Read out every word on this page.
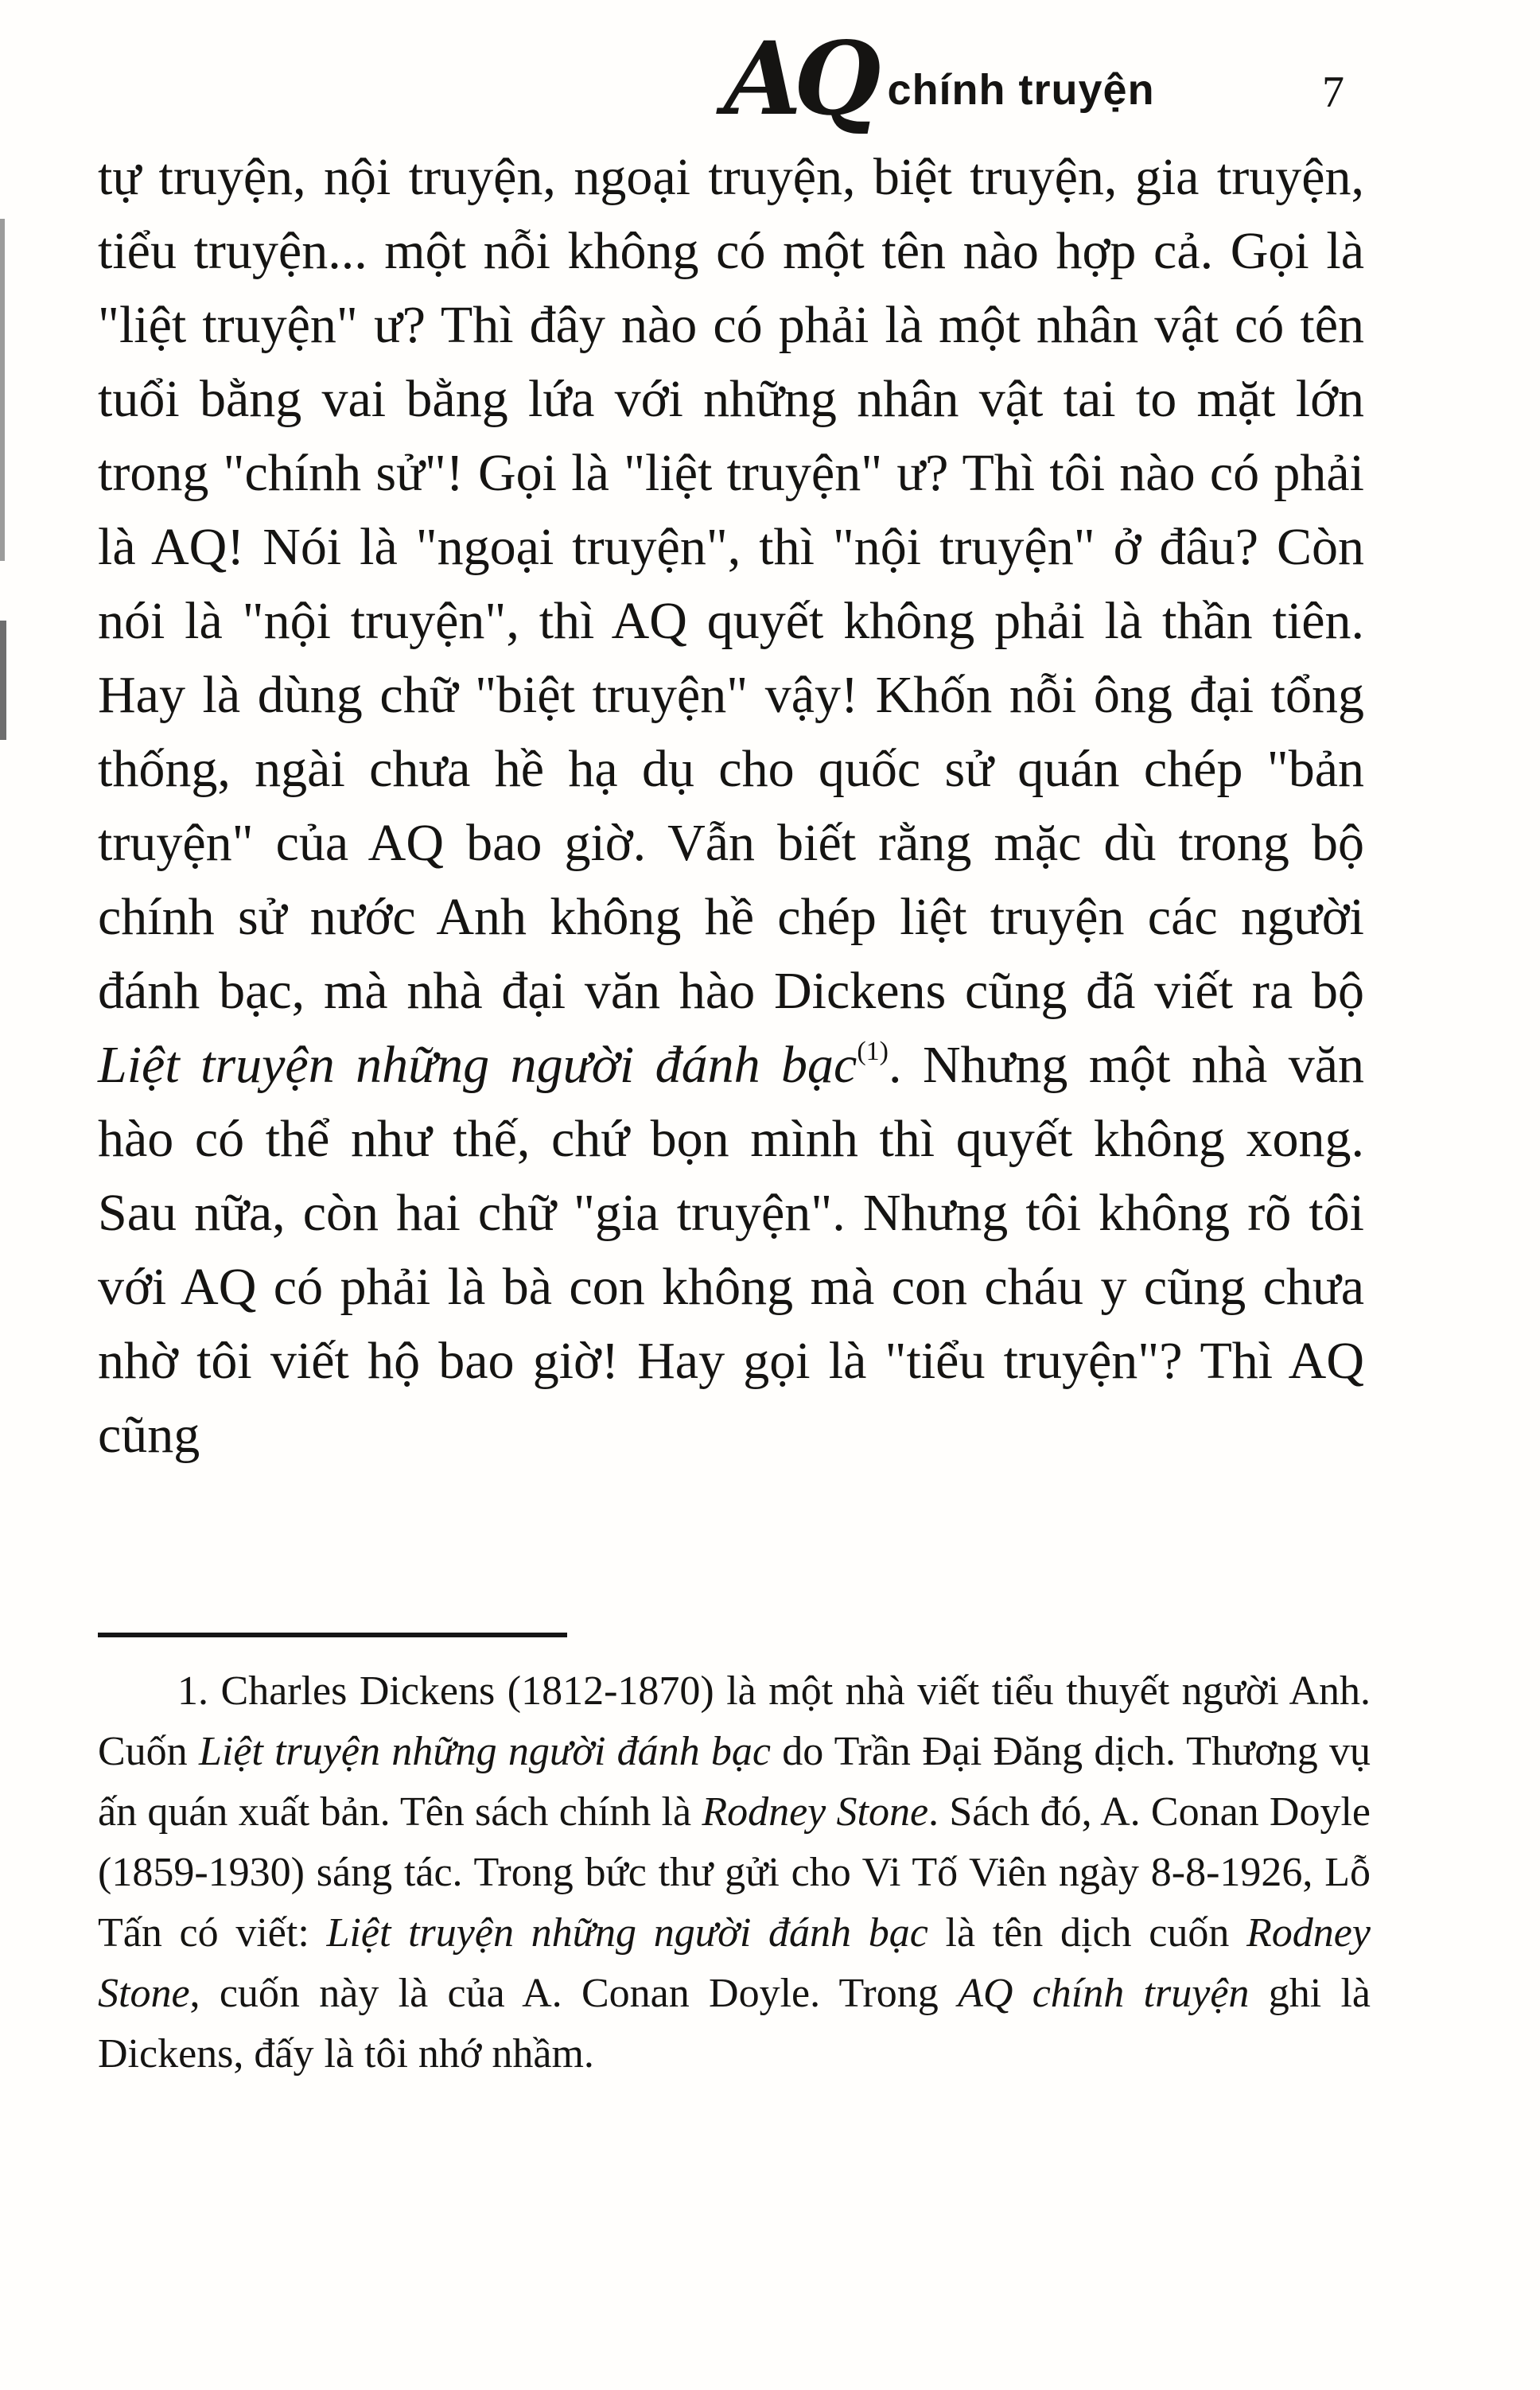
AQ chính truyện	7

tự truyện, nội truyện, ngoại truyện, biệt truyện, gia truyện, tiểu truyện... một nỗi không có một tên nào hợp cả. Gọi là "liệt truyện" ư? Thì đây nào có phải là một nhân vật có tên tuổi bằng vai bằng lứa với những nhân vật tai to mặt lớn trong "chính sử"! Gọi là "liệt truyện" ư? Thì tôi nào có phải là AQ! Nói là "ngoại truyện", thì "nội truyện" ở đâu? Còn nói là "nội truyện", thì AQ quyết không phải là thần tiên. Hay là dùng chữ "biệt truyện" vậy! Khốn nỗi ông đại tổng thống, ngài chưa hề hạ dụ cho quốc sử quán chép "bản truyện" của AQ bao giờ. Vẫn biết rằng mặc dù trong bộ chính sử nước Anh không hề chép liệt truyện các người đánh bạc, mà nhà đại văn hào Dickens cũng đã viết ra bộ Liệt truyện những người đánh bạc$^{(1)}$. Nhưng một nhà văn hào có thể như thế, chứ bọn mình thì quyết không xong. Sau nữa, còn hai chữ "gia truyện". Nhưng tôi không rõ tôi với AQ có phải là bà con không mà con cháu y cũng chưa nhờ tôi viết hộ bao giờ! Hay gọi là "tiểu truyện"? Thì AQ cũng

1. Charles Dickens (1812-1870) là một nhà viết tiểu thuyết người Anh. Cuốn Liệt truyện những người đánh bạc do Trần Đại Đăng dịch. Thương vụ ấn quán xuất bản. Tên sách chính là Rodney Stone. Sách đó, A. Conan Doyle (1859-1930) sáng tác. Trong bức thư gửi cho Vi Tố Viên ngày 8-8-1926, Lỗ Tấn có viết: Liệt truyện những người đánh bạc là tên dịch cuốn Rodney Stone, cuốn này là của A. Conan Doyle. Trong AQ chính truyện ghi là Dickens, đấy là tôi nhớ nhầm.
